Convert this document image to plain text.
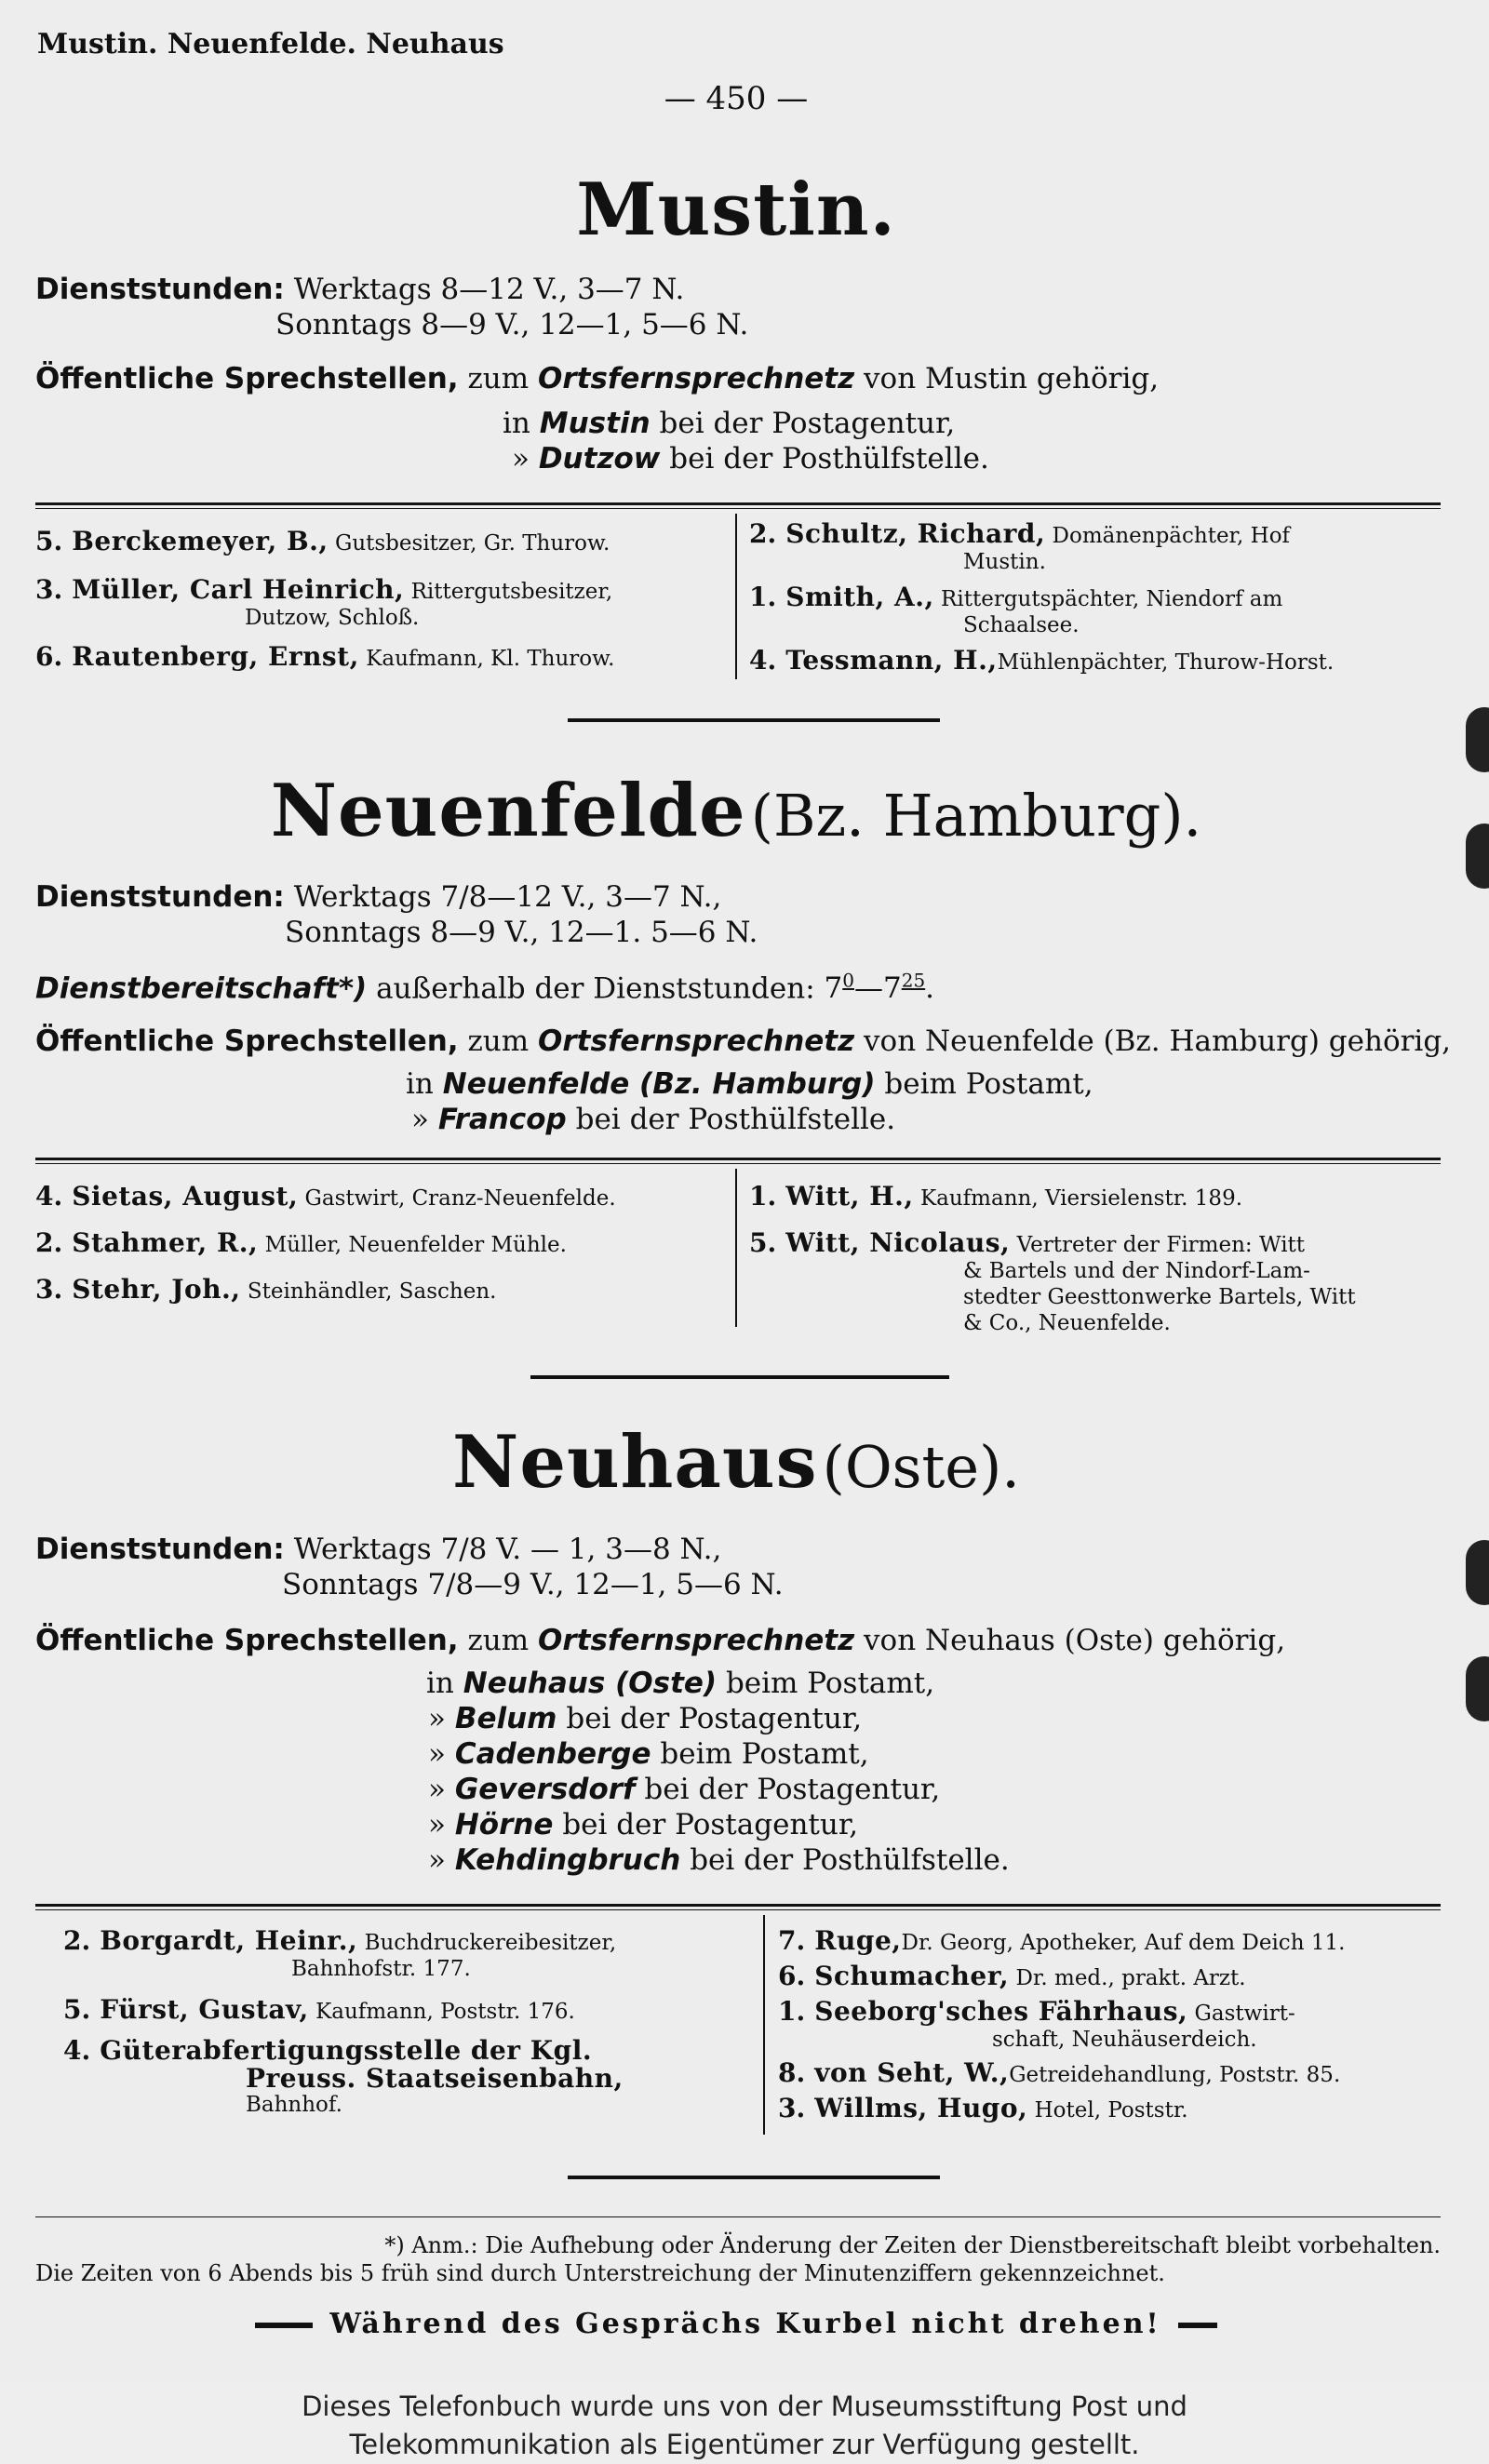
Mustin. Neuenfelde. Neuhaus
— 450 —
Mustin.
Dienststunden: Werktags 8—12 V., 3—7 N.
Sonntags 8—9 V., 12—1, 5—6 N.
Öffentliche Sprechstellen, zum Ortsfernsprechnetz von Mustin gehörig,
in Mustin bei der Postagentur,
» Dutzow bei der Posthülfstelle.
5. Berckemeyer, B., Gutsbesitzer, Gr. Thurow.
3. Müller, Carl Heinrich, Rittergutsbesitzer,
Dutzow, Schloß.
6. Rautenberg, Ernst, Kaufmann, Kl. Thurow.
2. Schultz, Richard, Domänenpächter, Hof
Mustin.
1. Smith, A., Rittergutspächter, Niendorf am
Schaalsee.
4. Tessmann, H.,Mühlenpächter, Thurow-Horst.
Neuenfelde (Bz. Hamburg).
Dienststunden: Werktags 7/8—12 V., 3—7 N.,
Sonntags 8—9 V., 12—1. 5—6 N.
Dienstbereitschaft*) außerhalb der Dienststunden: $7^0—7^{25}$.
Öffentliche Sprechstellen, zum Ortsfernsprechnetz von Neuenfelde (Bz. Hamburg) gehörig,
in Neuenfelde (Bz. Hamburg) beim Postamt,
» Francop bei der Posthülfstelle.
4. Sietas, August, Gastwirt, Cranz-Neuenfelde.
2. Stahmer, R., Müller, Neuenfelder Mühle.
3. Stehr, Joh., Steinhändler, Saschen.
1. Witt, H., Kaufmann, Viersielenstr. 189.
5. Witt, Nicolaus, Vertreter der Firmen: Witt
& Bartels und der Nindorf-Lam-
stedter Geesttonwerke Bartels, Witt
& Co., Neuenfelde.
Neuhaus (Oste).
Dienststunden: Werktags 7/8 V. — 1, 3—8 N.,
Sonntags 7/8—9 V., 12—1, 5—6 N.
Öffentliche Sprechstellen, zum Ortsfernsprechnetz von Neuhaus (Oste) gehörig,
in Neuhaus (Oste) beim Postamt,
» Belum bei der Postagentur,
» Cadenberge beim Postamt,
» Geversdorf bei der Postagentur,
» Hörne bei der Postagentur,
» Kehdingbruch bei der Posthülfstelle.
2. Borgardt, Heinr., Buchdruckereibesitzer,
Bahnhofstr. 177.
5. Fürst, Gustav, Kaufmann, Poststr. 176.
4. Güterabfertigungsstelle der Kgl.
Preuss. Staatseisenbahn,
Bahnhof.
7. Ruge,Dr. Georg, Apotheker, Auf dem Deich 11.
6. Schumacher, Dr. med., prakt. Arzt.
1. Seeborg'sches Fährhaus, Gastwirt-
schaft, Neuhäuserdeich.
8. von Seht, W.,Getreidehandlung, Poststr. 85.
3. Willms, Hugo, Hotel, Poststr.
*) Anm.: Die Aufhebung oder Änderung der Zeiten der Dienstbereitschaft bleibt vorbehalten.
Die Zeiten von 6 Abends bis 5 früh sind durch Unterstreichung der Minutenziffern gekennzeichnet.
Während des Gesprächs Kurbel nicht drehen!
Dieses Telefonbuch wurde uns von der Museumsstiftung Post und
Telekommunikation als Eigentümer zur Verfügung gestellt.
